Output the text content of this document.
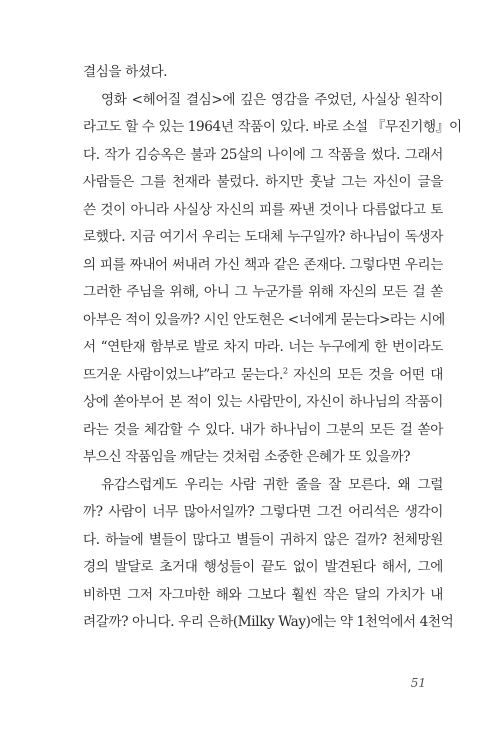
결심을 하셨다.
영화 <헤어질 결심>에 깊은 영감을 주었던, 사실상 원작이
라고도 할 수 있는 1964년 작품이 있다. 바로 소설 『무진기행』이
다. 작가 김승옥은 불과 25살의 나이에 그 작품을 썼다. 그래서
사람들은 그를 천재라 불렀다. 하지만 훗날 그는 자신이 글을
쓴 것이 아니라 사실상 자신의 피를 짜낸 것이나 다름없다고 토
로했다. 지금 여기서 우리는 도대체 누구일까? 하나님이 독생자
의 피를 짜내어 써내려 가신 책과 같은 존재다. 그렇다면 우리는
그러한 주님을 위해, 아니 그 누군가를 위해 자신의 모든 걸 쏟
아부은 적이 있을까? 시인 안도현은 <너에게 묻는다>라는 시에
서 “연탄재 함부로 발로 차지 마라. 너는 누구에게 한 번이라도
뜨거운 사람이었느냐”라고 묻는다.$^2$ 자신의 모든 것을 어떤 대
상에 쏟아부어 본 적이 있는 사람만이, 자신이 하나님의 작품이
라는 것을 체감할 수 있다. 내가 하나님이 그분의 모든 걸 쏟아
부으신 작품임을 깨닫는 것처럼 소중한 은혜가 또 있을까?
유감스럽게도 우리는 사람 귀한 줄을 잘 모른다. 왜 그럴
까? 사람이 너무 많아서일까? 그렇다면 그건 어리석은 생각이
다. 하늘에 별들이 많다고 별들이 귀하지 않은 걸까? 천체망원
경의 발달로 초거대 행성들이 끝도 없이 발견된다 해서, 그에
비하면 그저 자그마한 해와 그보다 훨씬 작은 달의 가치가 내
려갈까? 아니다. 우리 은하(Milky Way)에는 약 1천억에서 4천억
51
